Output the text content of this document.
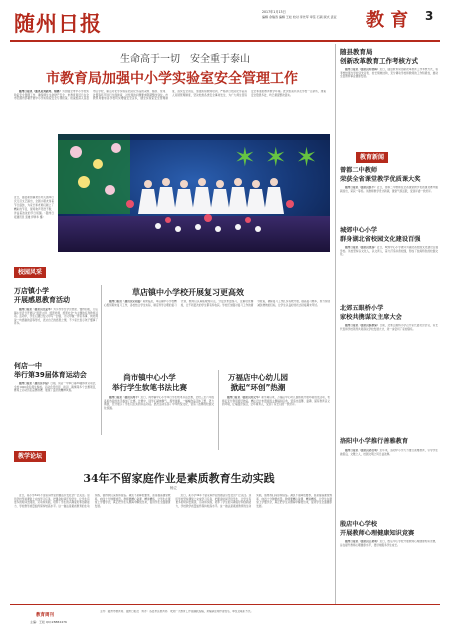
随州日报	2017年1月13日
编辑 余瑞涛 编辑 王松 校对 李先军 审签 石颖 版式 袁亚 教 育 3
生命高于一切　安全重于泰山
市教育局加强中小学实验室安全管理工作

随州日报讯（通讯员刘新玲、胡晓）为加强全市中小学校实验室安全管理工作，确保师生生命财产安全，市教育局近日在全市范围内部署开展中小学实验室安全专项检查。检查组深入各县市区学校，重点对化学实验室危险化学品的采购、储存、使用、处置等环节进行全面排查，对发现的问题要求限期整改到位。市教育局要求各学校切实增强安全意识，健全实验室安全管理制度，落实安全责任，加强实验教师培训，严格执行危险化学品双人双锁管理制度，坚决杜绝各类安全事故发生，为广大师生营造安全和谐的教育教学环境。此次检查共涉及学校一百余所，排查安全隐患多处，均已督促整改落实。

近日，随县新街镇欢乐幼儿园举行庆元旦文艺演出，全园小朋友身着节日盛装，为家长和老师们献上了精彩的节目，现场欢声笑语不断，洋溢着浓浓的节日氛围。（随州日报通讯员 张雄 伊再华 摄）

✶ ✶ ✶
校园风采
万店镇小学
开展感恩教育活动

随州日报讯（通讯员吴复琴）为引导学生学会感恩、懂得回报，万店镇小学近日开展以“感恩父母、感恩老师、感恩社会”为主题的系列教育活动。活动中，学生们通过给父母写一封信、为父母做一件家务事、向老师说一句感谢的话等形式，表达自己的感恩之情，不少家长表示孩子懂事了许多。

何店一中
举行第39届体育运动会

随州日报讯（通讯员李斌）日前，何店一中举行第39届体育运动会，全校1000余名师生参加。运动会设田径、拔河、跳绳等多个比赛项目，赛场上运动员们奋勇拼搏，展现了良好的精神风貌。

草店镇中小学校开展复习更高效

随州日报讯（通讯员宋祖霞）期末临近，草店镇中小学校精心组织期末复习工作，各校结合学生实际，制定科学合理的复习计划，教师们认真梳理知识点，分层次布置练习，注重培优辅差，让不同层次的学生都有所收获。学校还加强对复习工作的督导检查，确保复习工作扎实有效开展，提高复习效率，努力实现减负增效的目标，让学生以良好的状态迎接期末考试。

尚市镇中心小学
举行学生软笔书法比赛

随州日报讯（通讯员周平）近日，尚市镇中心小学举行学生软笔书法比赛，全校三至六年级各班选派的选手参加了比赛。比赛中，同学们凝神静气，挥毫泼墨，一幅幅作品字体工整、笔力遒劲，充分展示了学生们扎实的书法功底。此次活动弘扬了中华传统文化，营造了浓厚的校园文化氛围。

万福店中心幼儿园
掀起“环创”热潮

随州日报讯（通讯员刘文华）新学期以来，万福店中心幼儿园积极开展环境创设活动，老师们充分利用废旧物品，精心设计布置班级主题墙和区角，营造出温馨、童趣、富有教育意义的环境，让墙面会说话，让环境育人，受到了家长们的一致好评。

教学论坛
34年不留家庭作业是素质教育生动实践
杨立

近日，某小学34年不留家庭作业的做法引发社会广泛关注。这所学校坚持课堂上完成学习任务，把课余时间还给学生，让学生有更多的时间去阅读、运动和实践，培养了学生的兴趣爱好和创新能力，学校教学质量始终保持较高水平。这一做法是素质教育的生动实践，值得我们深思和借鉴。减负不是降低要求，而是提高课堂效率，向四十分钟要质量。教师要精心备课，精讲精练，让学生在课堂上学懂学会，真正把学生从题海中解放出来，促进学生全面健康发展。

近日，某小学34年不留家庭作业的做法引发社会广泛关注。这所学校坚持课堂上完成学习任务，把课余时间还给学生，让学生有更多的时间去阅读、运动和实践，培养了学生的兴趣爱好和创新能力，学校教学质量始终保持较高水平。这一做法是素质教育的生动实践，值得我们深思和借鉴。减负不是降低要求，而是提高课堂效率，向四十分钟要质量。教师要精心备课，精讲精练，让学生在课堂上学懂学会，真正把学生从题海中解放出来，促进学生全面健康发展。

随县教育局
创新改革教育工作考核方式

随州日报讯（通讯员何智梅）近日，随县教育局创新改革教育工作考核方式，将考核结果与学校评先评优、校长绩效挂钩，充分调动学校和教师的工作积极性，推动全县教育事业健康发展。

教育新闻
曾都二中教师
荣获全省课堂教学优质课大奖

随州日报讯（通讯员蔡平）近日，曾都二中教师在全省课堂教学优质课竞赛中脱颖而出，荣获一等奖。该教师教学设计新颖，课堂气氛活跃，受到评委一致好评。

城郊中心小学
群身湖北省校园文化建设百强

随州日报讯（通讯员张扬）近日，城郊中心小学被评为湖北省校园文化建设百强学校。该校坚持以文化人，以文育人，着力打造书香校园，形成了独具特色的校园文化。

北郊五眼桥小学
家校共携谋议主席大会

随州日报讯（通讯员熊秋菊）日前，北郊五眼桥小学召开家长委员会会议，家长代表和学校领导共同商议学校发展大计，进一步密切了家校联系。

洛阳中小学推行善雅教育

随州日报讯（通讯员孙志明）近年来，洛阳中小学大力推行善雅教育，引导学生做善良、文雅之人，校园文明之风日益浓厚。

殷店中心学校
开展教师心理健康知识竞赛

随州日报讯（通讯员吕楚明）近日，殷店中心学校开展教师心理健康知识竞赛，旨在提升教师心理健康水平，更好地服务学生成长。

教育周刊
主编：王松 QQ:28882476

主办：随州市教育局、随州日报社　协办：各县市区教育局　欢迎广大教育工作者踊跃投稿，来稿请注明作者姓名、单位及联系方式。
